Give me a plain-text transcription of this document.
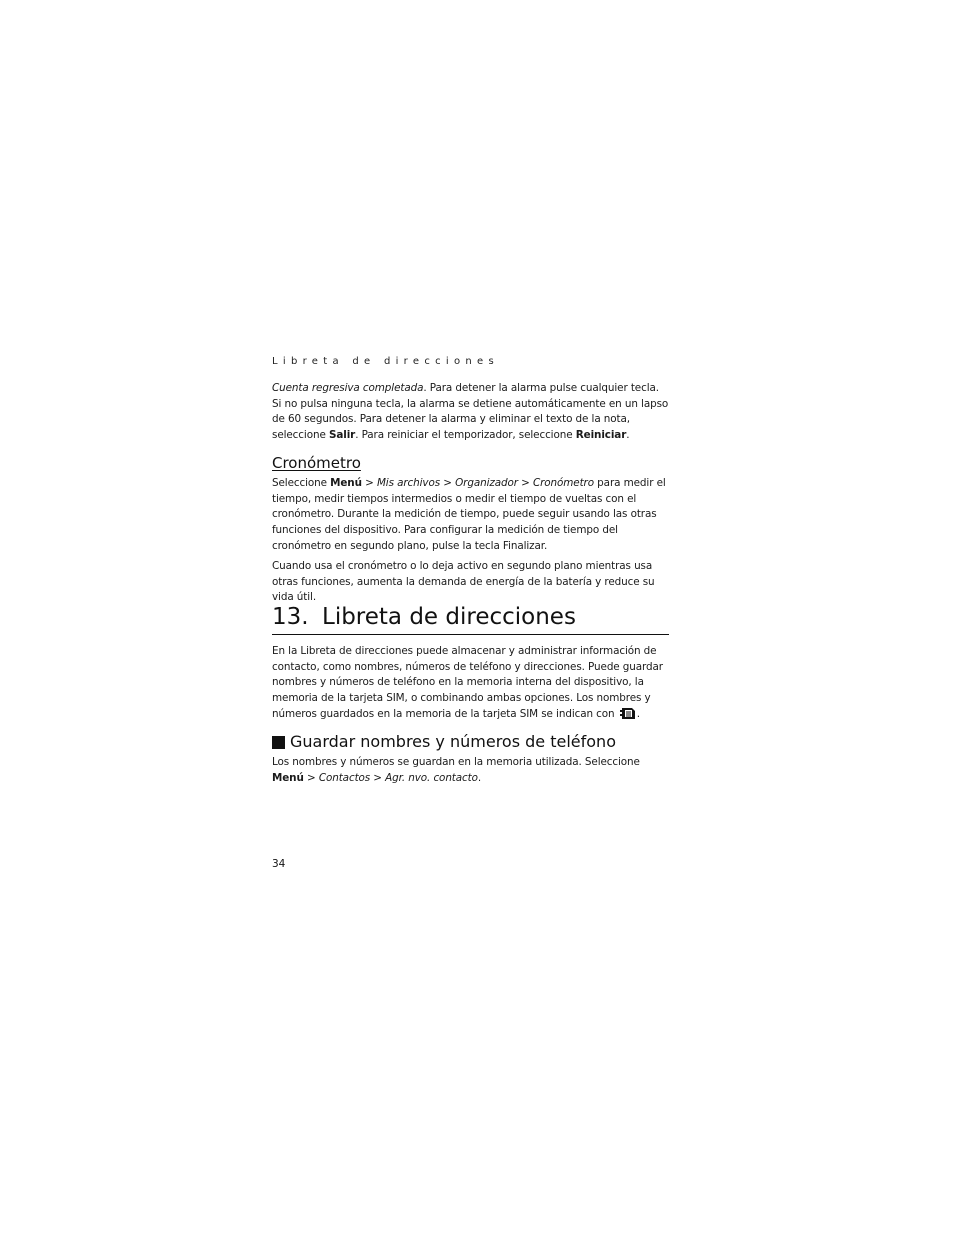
Libreta de direcciones

Cuenta regresiva completada. Para detener la alarma pulse cualquier tecla. Si no pulsa ninguna tecla, la alarma se detiene automáticamente en un lapso de 60 segundos. Para detener la alarma y eliminar el texto de la nota, seleccione Salir. Para reiniciar el temporizador, seleccione Reiniciar.

Cronómetro

Seleccione Menú > Mis archivos > Organizador > Cronómetro para medir el tiempo, medir tiempos intermedios o medir el tiempo de vueltas con el cronómetro. Durante la medición de tiempo, puede seguir usando las otras funciones del dispositivo. Para configurar la medición de tiempo del cronómetro en segundo plano, pulse la tecla Finalizar.

Cuando usa el cronómetro o lo deja activo en segundo plano mientras usa otras funciones, aumenta la demanda de energía de la batería y reduce su vida útil.

13. Libreta de direcciones

En la Libreta de direcciones puede almacenar y administrar información de contacto, como nombres, números de teléfono y direcciones. Puede guardar nombres y números de teléfono en la memoria interna del dispositivo, la memoria de la tarjeta SIM, o combinando ambas opciones. Los nombres y números guardados en la memoria de la tarjeta SIM se indican con .

Guardar nombres y números de teléfono

Los nombres y números se guardan en la memoria utilizada. Seleccione Menú > Contactos > Agr. nvo. contacto.

34
